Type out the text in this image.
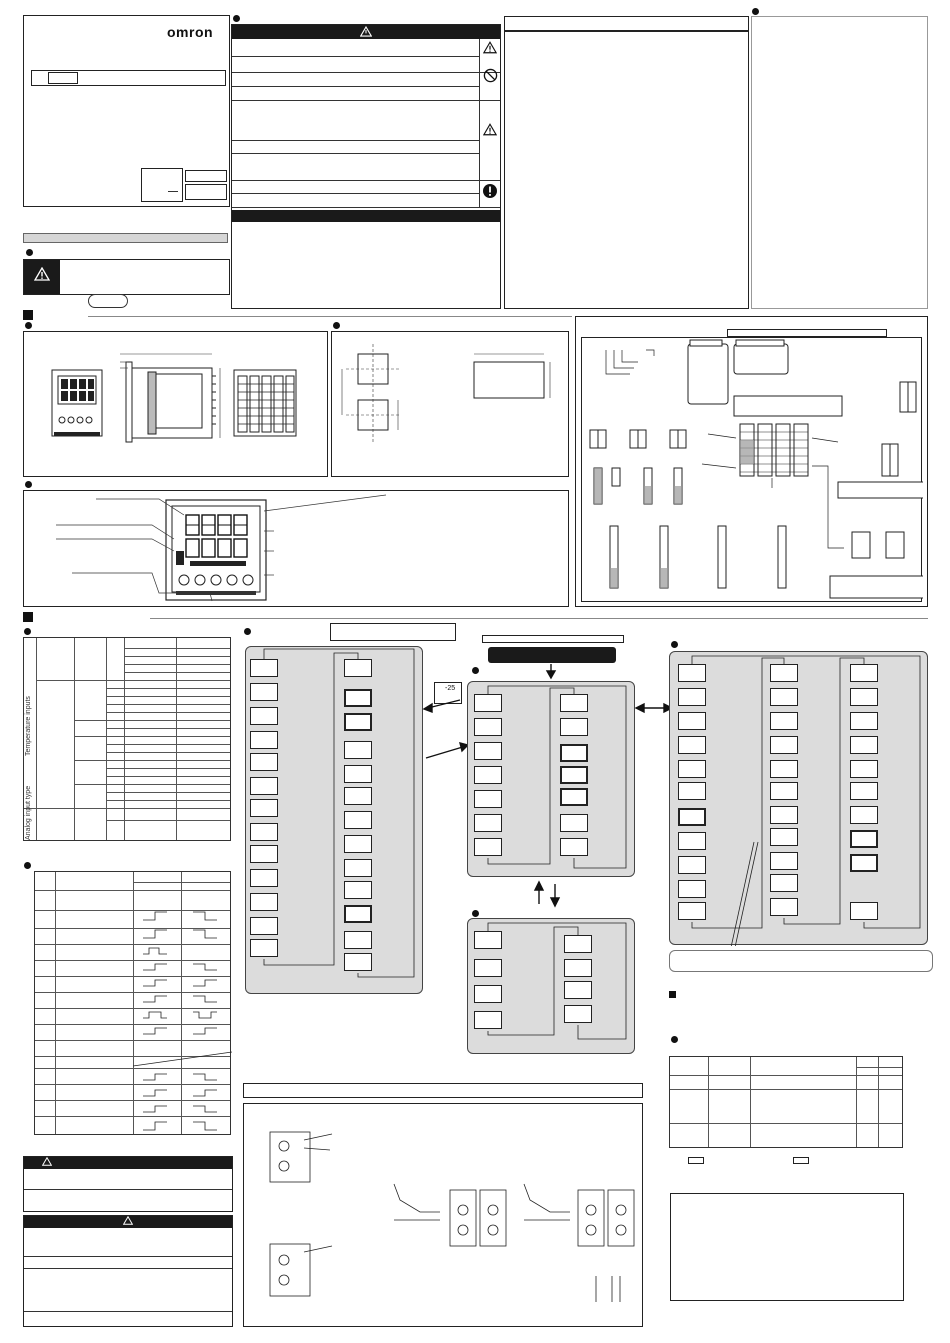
omron
Temperature inputs
Analog input type
-25
